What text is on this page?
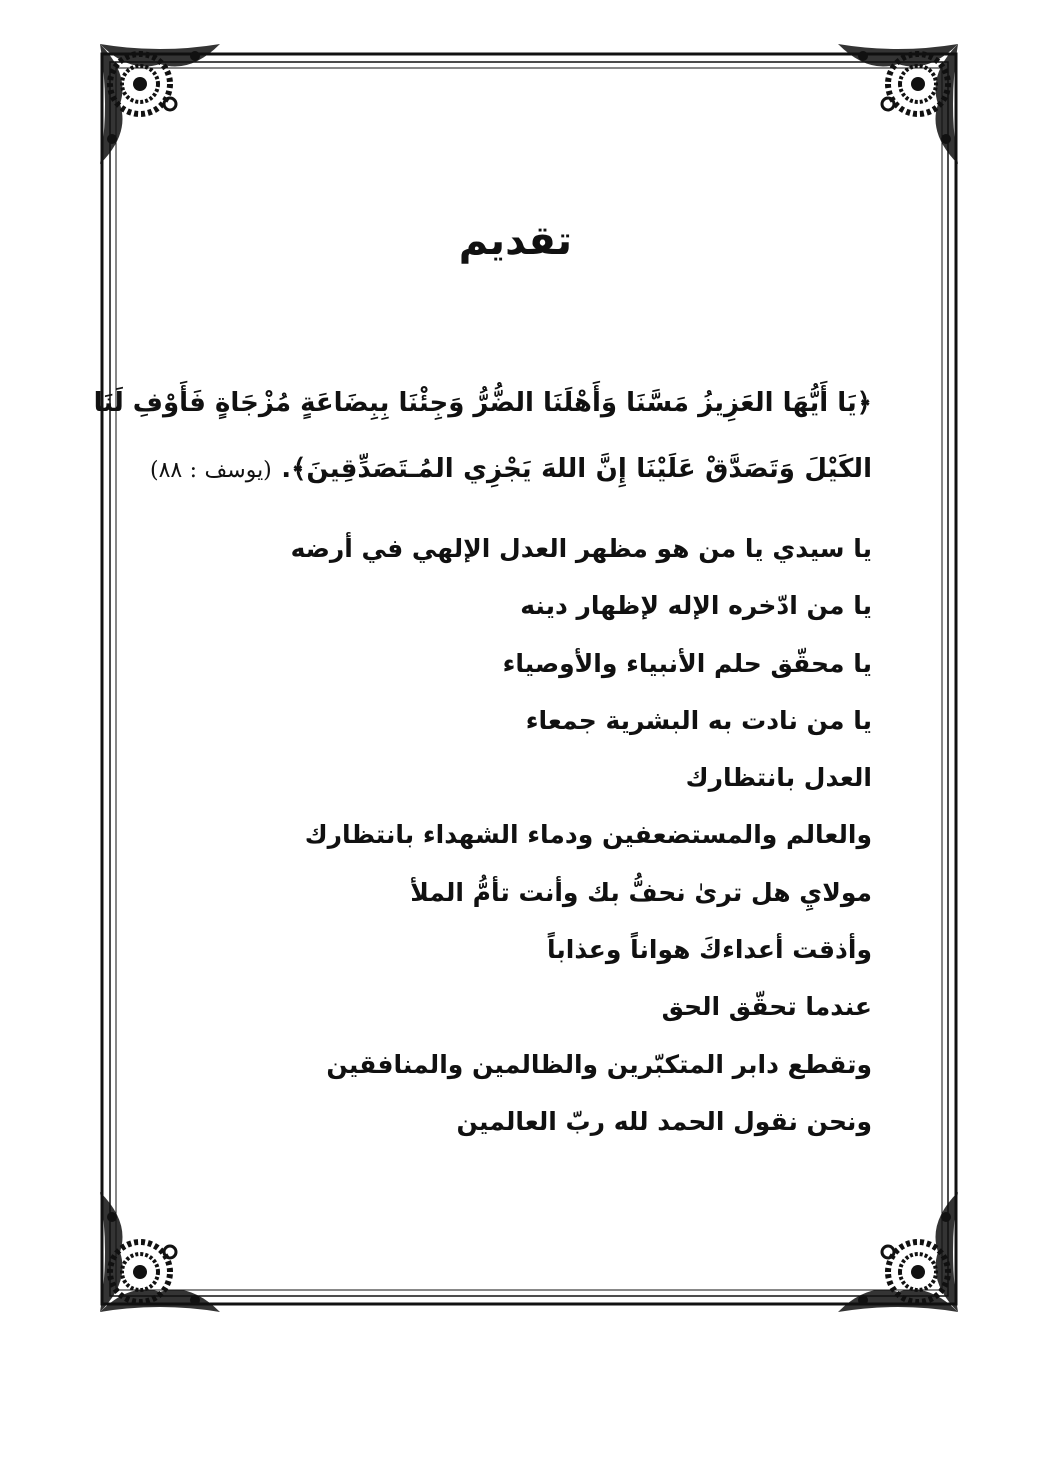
تقديم
﴿يَا أَيُّهَا العَزِيزُ مَسَّنَا وَأَهْلَنَا الضُّرُّ وَجِئْنَا بِبِضَاعَةٍ مُزْجَاةٍ فَأَوْفِ لَنَا
الكَيْلَ وَتَصَدَّقْ عَلَيْنَا إِنَّ اللهَ يَجْزِي المُـتَصَدِّقِينَ﴾. (يوسف : ٨٨)
يا سيدي يا من هو مظهر العدل الإلهي في أرضه
يا من ادّخره الإله لإظهار دينه
يا محقّق حلم الأنبياء والأوصياء
يا من نادت به البشرية جمعاء
العدل بانتظارك
والعالم والمستضعفين ودماء الشهداء بانتظارك
مولايِ هل ترىٰ نحفُّ بك وأنت تأمُّ الملأ
وأذقت أعداءكَ هواناً وعذاباً
عندما تحقّق الحق
وتقطع دابر المتكبّرين والظالمين والمنافقين
ونحن نقول الحمد لله ربّ العالمين
